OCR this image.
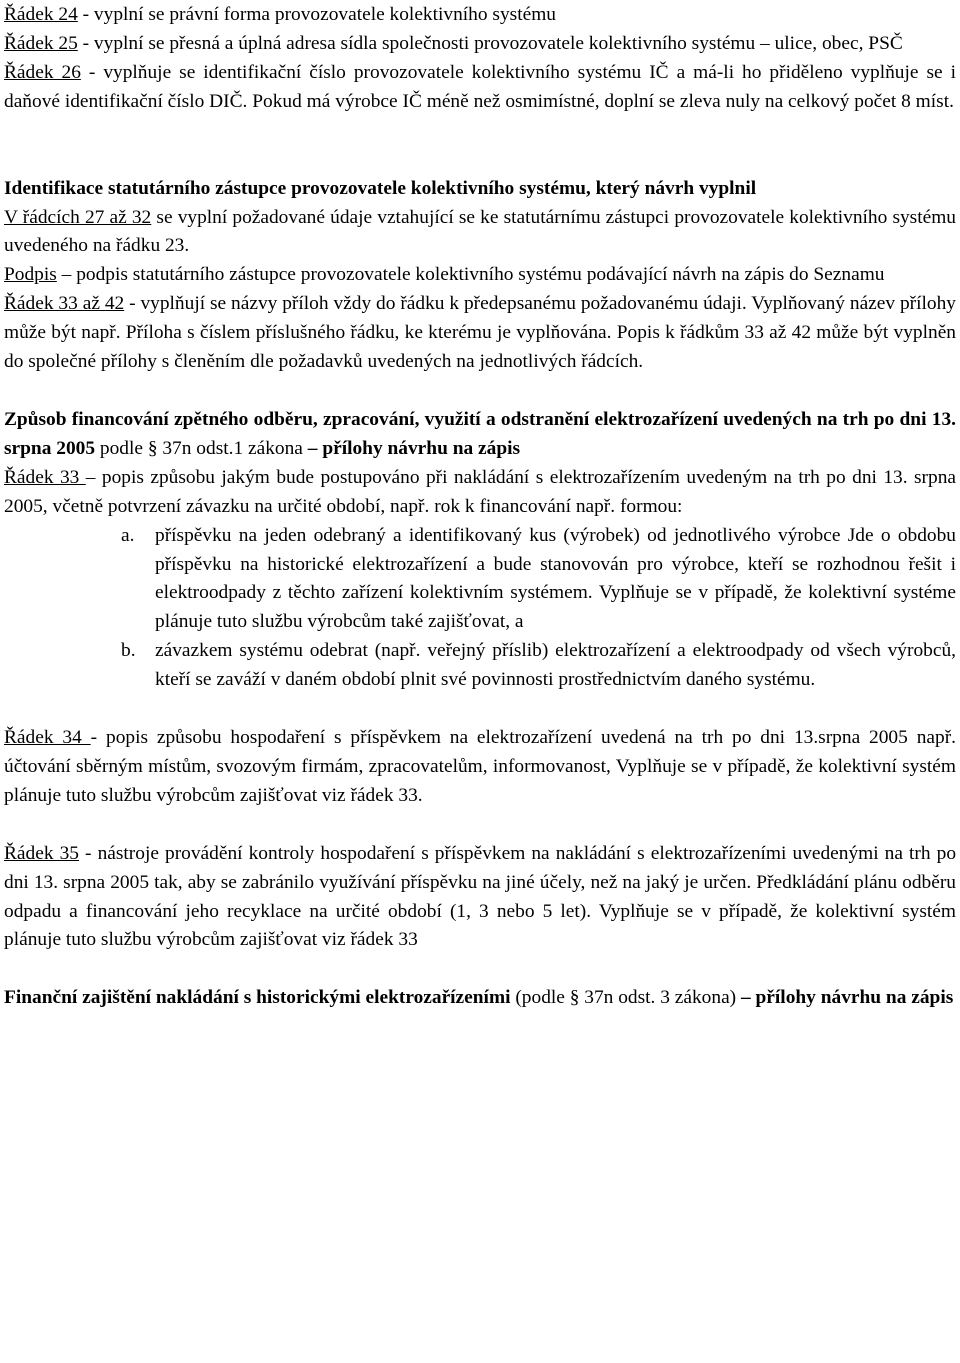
Řádek 24 - vyplní se právní forma provozovatele kolektivního systému

Řádek 25 - vyplní se přesná a úplná adresa sídla společnosti provozovatele kolektivního systému – ulice, obec, PSČ

Řádek 26 - vyplňuje se identifikační číslo provozovatele kolektivního systému IČ a má-li ho přiděleno vyplňuje se i daňové identifikační číslo DIČ. Pokud má výrobce IČ méně než osmimístné, doplní se zleva nuly na celkový počet 8 míst.

Identifikace statutárního zástupce provozovatele kolektivního systému, který návrh vyplnil

V řádcích 27 až 32 se vyplní požadované údaje vztahující se ke statutárnímu zástupci provozovatele kolektivního systému uvedeného na řádku 23.

Podpis – podpis statutárního zástupce provozovatele kolektivního systému podávající návrh na zápis do Seznamu

Řádek 33 až 42 - vyplňují se názvy příloh vždy do řádku k předepsanému požadovanému údaji. Vyplňovaný název přílohy může být např. Příloha s číslem příslušného řádku, ke kterému je vyplňována. Popis k řádkům 33 až 42 může být vyplněn do společné přílohy s členěním dle požadavků uvedených na jednotlivých řádcích.

Způsob financování zpětného odběru, zpracování, využití a odstranění elektrozařízení uvedených na trh po dni 13. srpna 2005 podle § 37n odst.1 zákona – přílohy návrhu na zápis

Řádek 33 – popis způsobu jakým bude postupováno při nakládání s elektrozařízením uvedeným na trh po dni 13. srpna 2005, včetně potvrzení závazku na určité období, např. rok k financování např. formou:

a. příspěvku na jeden odebraný a identifikovaný kus (výrobek) od jednotlivého výrobce Jde o obdobu příspěvku na historické elektrozařízení a bude stanovován pro výrobce, kteří se rozhodnou řešit i elektroodpady z těchto zařízení kolektivním systémem. Vyplňuje se v případě, že kolektivní systéme plánuje tuto službu výrobcům také zajišťovat, a
b. závazkem systému odebrat (např. veřejný příslib) elektrozařízení a elektroodpady od všech výrobců, kteří se zaváží v daném období plnit své povinnosti prostřednictvím daného systému.

Řádek 34 - popis způsobu hospodaření s příspěvkem na elektrozařízení uvedená na trh po dni 13.srpna 2005 např. účtování sběrným místům, svozovým firmám, zpracovatelům, informovanost, Vyplňuje se v případě, že kolektivní systém plánuje tuto službu výrobcům zajišťovat viz řádek 33.

Řádek 35 - nástroje provádění kontroly hospodaření s příspěvkem na nakládání s elektrozařízeními uvedenými na trh po dni 13. srpna 2005 tak, aby se zabránilo využívání příspěvku na jiné účely, než na jaký je určen. Předkládání plánu odběru odpadu a financování jeho recyklace na určité období (1, 3 nebo 5 let). Vyplňuje se v případě, že kolektivní systém plánuje tuto službu výrobcům zajišťovat viz řádek 33

Finanční zajištění nakládání s historickými elektrozařízeními (podle § 37n odst. 3 zákona) – přílohy návrhu na zápis
